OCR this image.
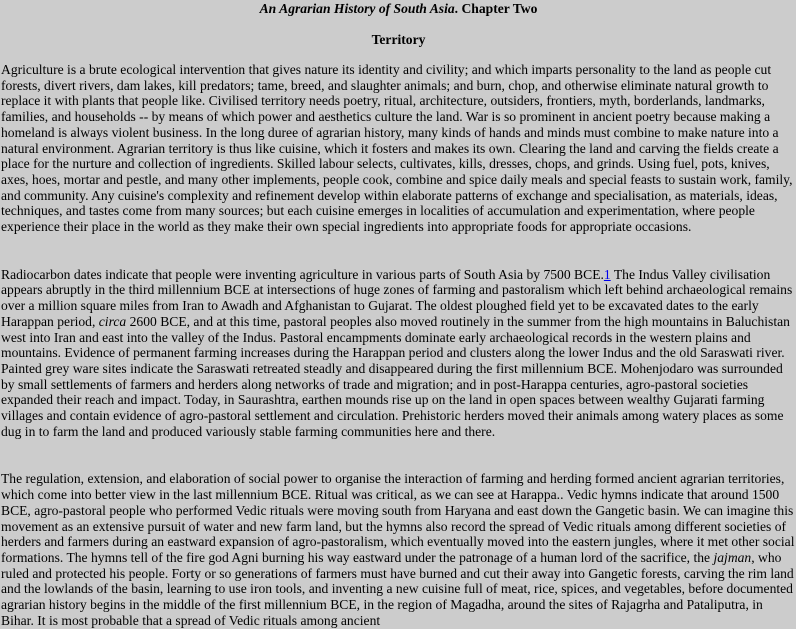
An Agrarian History of South Asia. Chapter Two
Territory

Agriculture is a brute ecological intervention that gives nature its identity and civility; and which imparts personality to the land as people cut forests, divert rivers, dam lakes, kill predators; tame, breed, and slaughter animals; and burn, chop, and otherwise eliminate natural growth to replace it with plants that people like. Civilised territory needs poetry, ritual, architecture, outsiders, frontiers, myth, borderlands, landmarks, families, and households -- by means of which power and aesthetics culture the land. War is so prominent in ancient poetry because making a homeland is always violent business. In the long duree of agrarian history, many kinds of hands and minds must combine to make nature into a natural environment. Agrarian territory is thus like cuisine, which it fosters and makes its own. Clearing the land and carving the fields create a place for the nurture and collection of ingredients. Skilled labour selects, cultivates, kills, dresses, chops, and grinds. Using fuel, pots, knives, axes, hoes, mortar and pestle, and many other implements, people cook, combine and spice daily meals and special feasts to sustain work, family, and community. Any cuisine's complexity and refinement develop within elaborate patterns of exchange and specialisation, as materials, ideas, techniques, and tastes come from many sources; but each cuisine emerges in localities of accumulation and experimentation, where people experience their place in the world as they make their own special ingredients into appropriate foods for appropriate occasions.

Radiocarbon dates indicate that people were inventing agriculture in various parts of South Asia by 7500 BCE.1 The Indus Valley civilisation appears abruptly in the third millennium BCE at intersections of huge zones of farming and pastoralism which left behind archaeological remains over a million square miles from Iran to Awadh and Afghanistan to Gujarat. The oldest ploughed field yet to be excavated dates to the early Harappan period, circa 2600 BCE, and at this time, pastoral peoples also moved routinely in the summer from the high mountains in Baluchistan west into Iran and east into the valley of the Indus. Pastoral encampments dominate early archaeological records in the western plains and mountains. Evidence of permanent farming increases during the Harappan period and clusters along the lower Indus and the old Saraswati river. Painted grey ware sites indicate the Saraswati retreated steadly and disappeared during the first millennium BCE. Mohenjodaro was surrounded by small settlements of farmers and herders along networks of trade and migration; and in post-Harappa centuries, agro-pastoral societies expanded their reach and impact. Today, in Saurashtra, earthen mounds rise up on the land in open spaces between wealthy Gujarati farming villages and contain evidence of agro-pastoral settlement and circulation. Prehistoric herders moved their animals among watery places as some dug in to farm the land and produced variously stable farming communities here and there.

The regulation, extension, and elaboration of social power to organise the interaction of farming and herding formed ancient agrarian territories, which come into better view in the last millennium BCE. Ritual was critical, as we can see at Harappa.. Vedic hymns indicate that around 1500 BCE, agro-pastoral people who performed Vedic rituals were moving south from Haryana and east down the Gangetic basin. We can imagine this movement as an extensive pursuit of water and new farm land, but the hymns also record the spread of Vedic rituals among different societies of herders and farmers during an eastward expansion of agro-pastoralism, which eventually moved into the eastern jungles, where it met other social formations. The hymns tell of the fire god Agni burning his way eastward under the patronage of a human lord of the sacrifice, the jajman, who ruled and protected his people. Forty or so generations of farmers must have burned and cut their away into Gangetic forests, carving the rim land and the lowlands of the basin, learning to use iron tools, and inventing a new cuisine full of meat, rice, spices, and vegetables, before documented agrarian history begins in the middle of the first millennium BCE, in the region of Magadha, around the sites of Rajagrha and Pataliputra, in Bihar. It is most probable that a spread of Vedic rituals among ancient
